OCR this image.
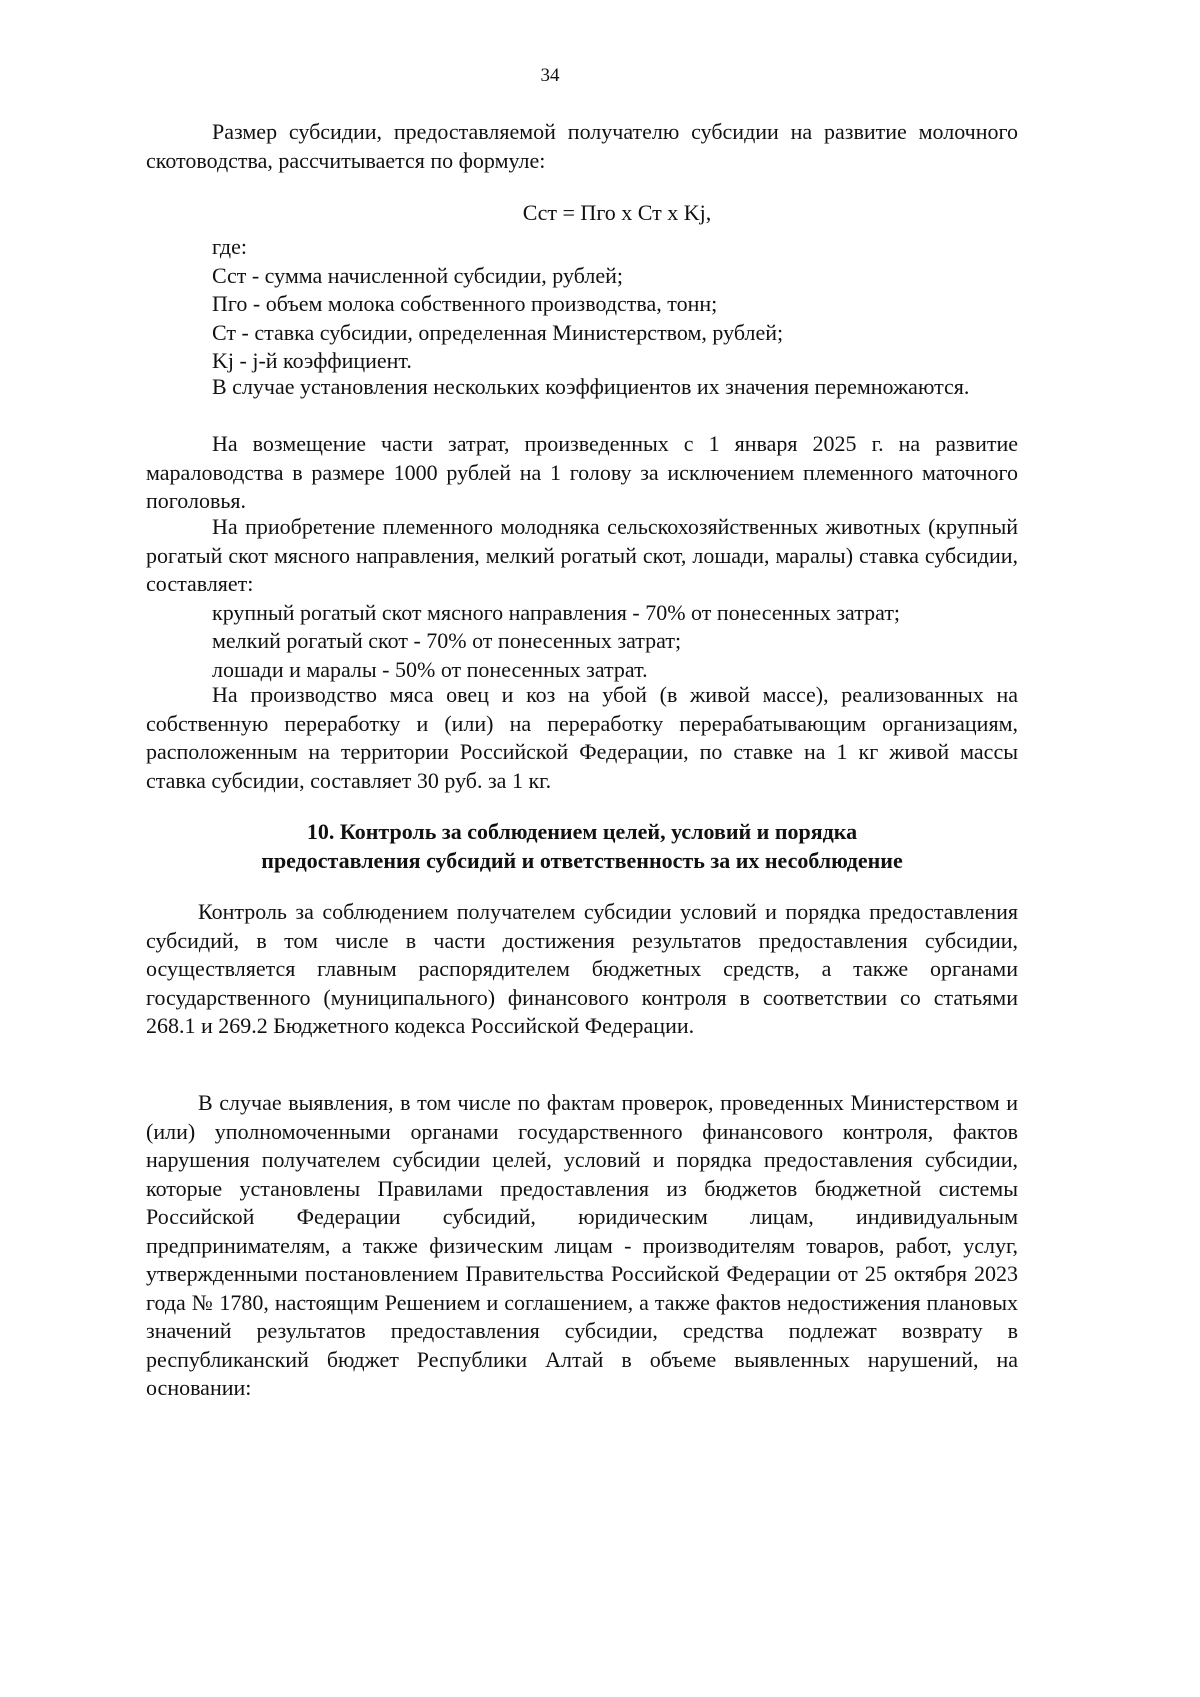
34

Размер субсидии, предоставляемой получателю субсидии на развитие молочного скотоводства, рассчитывается по формуле:

Сст = Пго х Ст х Kj,

где:

Сст - сумма начисленной субсидии, рублей;

Пго - объем молока собственного производства, тонн;

Ст - ставка субсидии, определенная Министерством, рублей;

Kj - j-й коэффициент.

В случае установления нескольких коэффициентов их значения перемножаются.

На возмещение части затрат, произведенных с 1 января 2025 г. на развитие мараловодства в размере 1000 рублей на 1 голову за исключением племенного маточного поголовья.

На приобретение племенного молодняка сельскохозяйственных животных (крупный рогатый скот мясного направления, мелкий рогатый скот, лошади, маралы) ставка субсидии, составляет:

крупный рогатый скот мясного направления - 70% от понесенных затрат;

мелкий рогатый скот - 70% от понесенных затрат;

лошади и маралы - 50% от понесенных затрат.

На производство мяса овец и коз на убой (в живой массе), реализованных на собственную переработку и (или) на переработку перерабатывающим организациям, расположенным на территории Российской Федерации, по ставке на 1 кг живой массы ставка субсидии, составляет 30 руб. за 1 кг.

10. Контроль за соблюдением целей, условий и порядка
предоставления субсидий и ответственность за их несоблюдение

Контроль за соблюдением получателем субсидии условий и порядка предоставления субсидий, в том числе в части достижения результатов предоставления субсидии, осуществляется главным распорядителем бюджетных средств, а также органами государственного (муниципального) финансового контроля в соответствии со статьями 268.1 и 269.2 Бюджетного кодекса Российской Федерации.

В случае выявления, в том числе по фактам проверок, проведенных Министерством и (или) уполномоченными органами государственного финансового контроля, фактов нарушения получателем субсидии целей, условий и порядка предоставления субсидии, которые установлены Правилами предоставления из бюджетов бюджетной системы Российской Федерации субсидий, юридическим лицам, индивидуальным предпринимателям, а также физическим лицам - производителям товаров, работ, услуг, утвержденными постановлением Правительства Российской Федерации от 25 октября 2023 года № 1780, настоящим Решением и соглашением, а также фактов недостижения плановых значений результатов предоставления субсидии, средства подлежат возврату в республиканский бюджет Республики Алтай в объеме выявленных нарушений, на основании:
